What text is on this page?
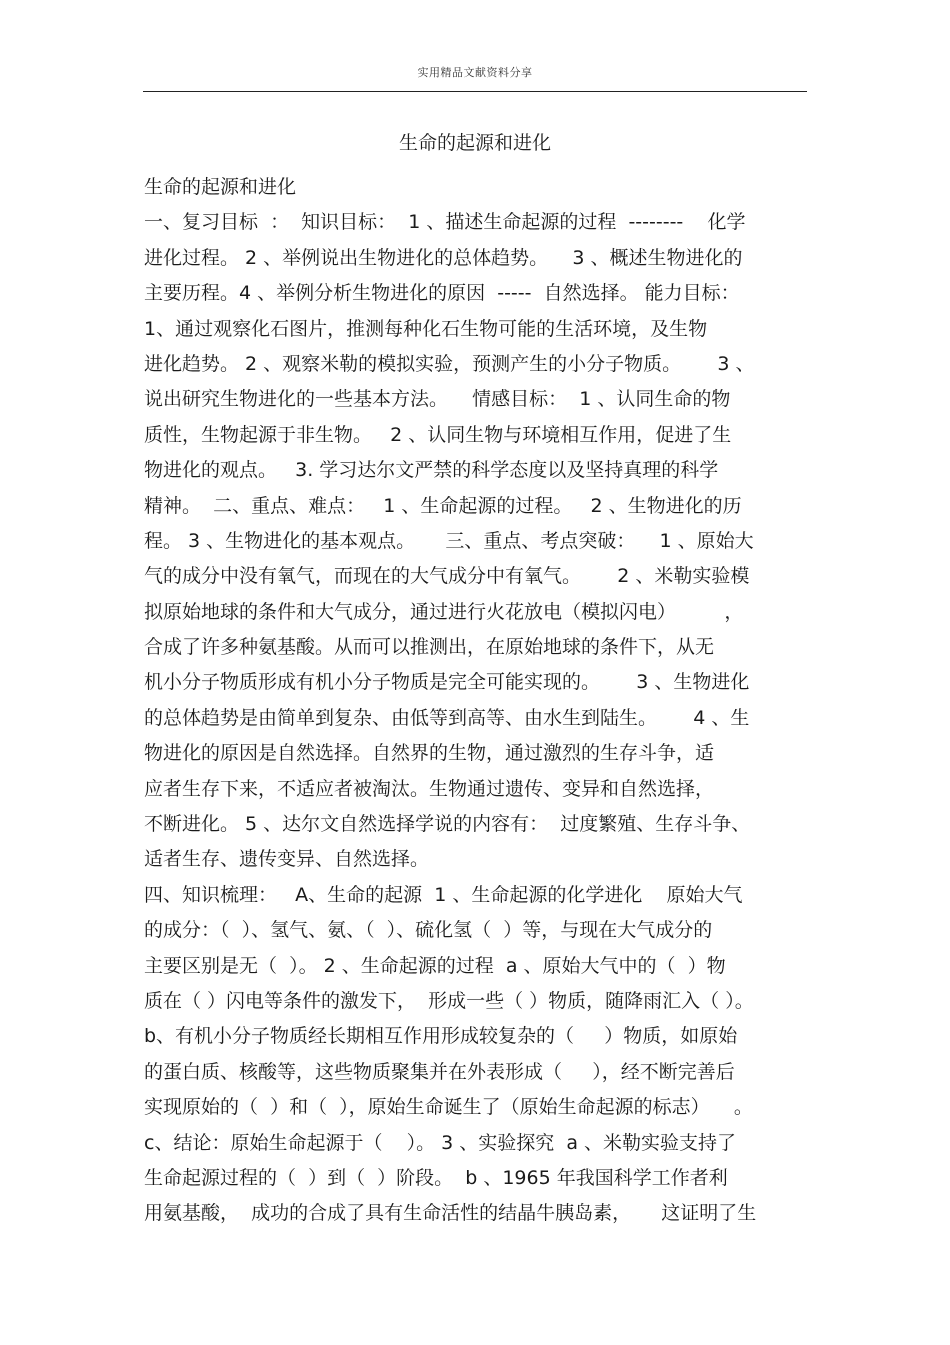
实用精品文献资料分享
生命的起源和进化
生命的起源和进化
一、复习目标  ：  知识目标：  1 、描述生命起源的过程  --------    化学
进化过程。 2 、举例说出生物进化的总体趋势。    3 、概述生物进化的
主要历程。4 、举例分析生物进化的原因  -----  自然选择。 能力目标：
1、通过观察化石图片，推测每种化石生物可能的生活环境，及生物
进化趋势。 2 、观察米勒的模拟实验，预测产生的小分子物质。      3 、
说出研究生物进化的一些基本方法。    情感目标：  1 、认同生命的物
质性，生物起源于非生物。   2 、认同生物与环境相互作用，促进了生
物进化的观点。   3. 学习达尔文严禁的科学态度以及坚持真理的科学
精神。  二、重点、难点：   1 、生命起源的过程。   2 、生物进化的历
程。 3 、生物进化的基本观点。     三、重点、考点突破：    1 、原始大
气的成分中没有氧气，而现在的大气成分中有氧气。      2 、米勒实验模
拟原始地球的条件和大气成分，通过进行火花放电（模拟闪电）        ，
合成了许多种氨基酸。从而可以推测出，在原始地球的条件下，从无
机小分子物质形成有机小分子物质是完全可能实现的。      3 、生物进化
的总体趋势是由简单到复杂、由低等到高等、由水生到陆生。      4 、生
物进化的原因是自然选择。自然界的生物，通过激烈的生存斗争，适
应者生存下来，不适应者被淘汰。生物通过遗传、变异和自然选择，
不断进化。 5 、达尔文自然选择学说的内容有：  过度繁殖、生存斗争、
适者生存、遗传变异、自然选择。
四、知识梳理：   A、生命的起源  1 、生命起源的化学进化    原始大气
的成分：（  ）、氢气、氨、（  ）、硫化氢（  ）等，与现在大气成分的
主要区别是无（  ）。 2 、生命起源的过程  a 、原始大气中的（  ）物
质在（ ）闪电等条件的激发下，  形成一些（ ）物质，随降雨汇入（ ）。
b、有机小分子物质经长期相互作用形成较复杂的（     ）物质，如原始
的蛋白质、核酸等，这些物质聚集并在外表形成（     ），经不断完善后
实现原始的（  ）和（  ），原始生命诞生了（原始生命起源的标志）    。
c、结论：原始生命起源于（    ）。 3 、实验探究  a 、米勒实验支持了
生命起源过程的（  ）到（  ）阶段。  b 、1965 年我国科学工作者利
用氨基酸，  成功的合成了具有生命活性的结晶牛胰岛素，     这证明了生
